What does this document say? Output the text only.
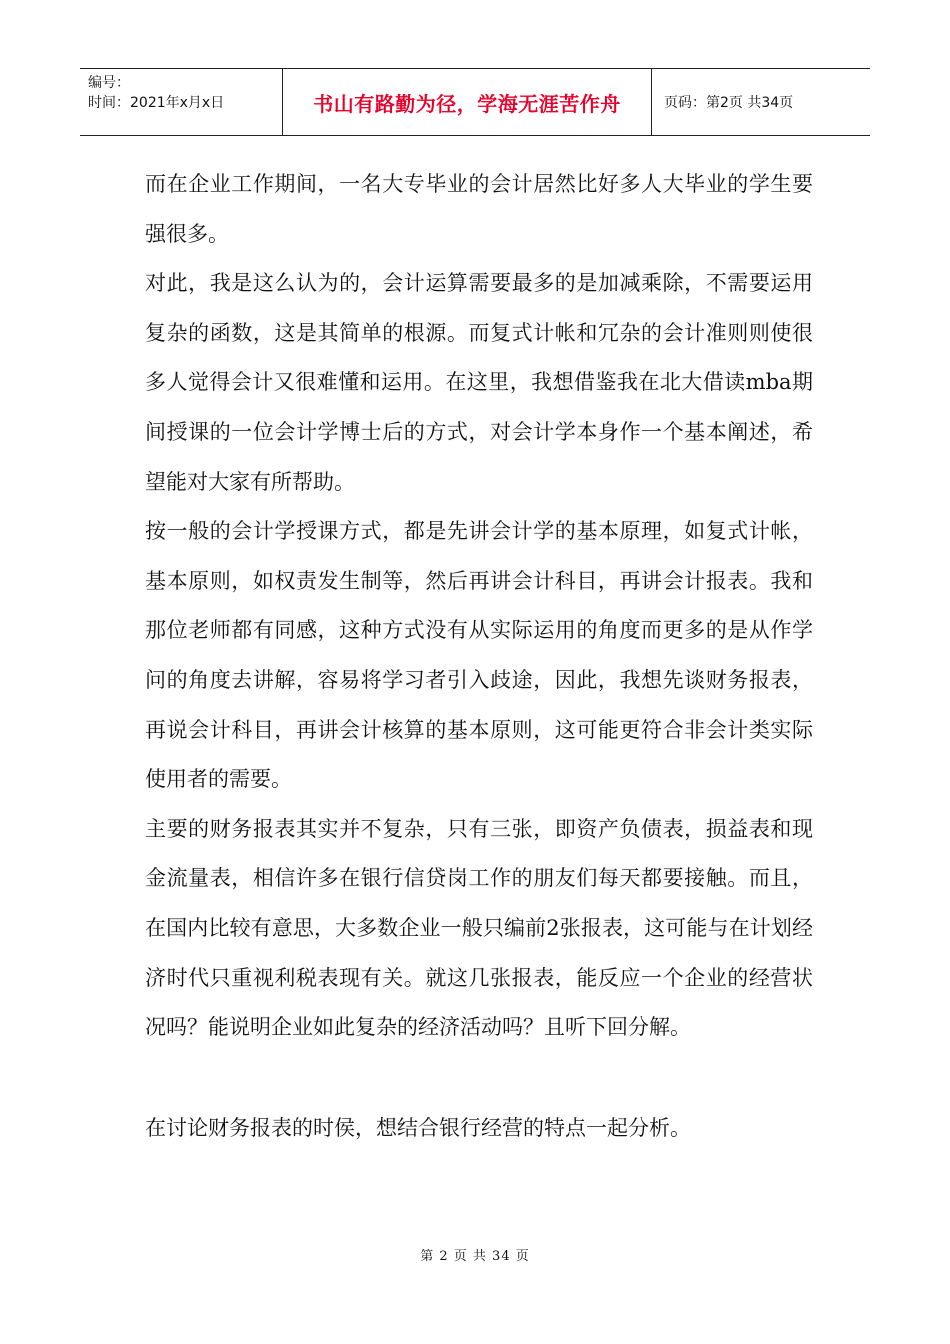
编号：
时间：2021年x月x日	书山有路勤为径，学海无涯苦作舟	页码：第2页 共34页

而在企业工作期间，一名大专毕业的会计居然比好多人大毕业的学生要强很多。

对此，我是这么认为的，会计运算需要最多的是加减乘除，不需要运用复杂的函数，这是其简单的根源。而复式计帐和冗杂的会计准则则使很多人觉得会计又很难懂和运用。在这里，我想借鉴我在北大借读mba期间授课的一位会计学博士后的方式，对会计学本身作一个基本阐述，希望能对大家有所帮助。

按一般的会计学授课方式，都是先讲会计学的基本原理，如复式计帐，基本原则，如权责发生制等，然后再讲会计科目，再讲会计报表。我和那位老师都有同感，这种方式没有从实际运用的角度而更多的是从作学问的角度去讲解，容易将学习者引入歧途，因此，我想先谈财务报表，再说会计科目，再讲会计核算的基本原则，这可能更符合非会计类实际使用者的需要。

主要的财务报表其实并不复杂，只有三张，即资产负债表，损益表和现金流量表，相信许多在银行信贷岗工作的朋友们每天都要接触。而且，在国内比较有意思，大多数企业一般只编前2张报表，这可能与在计划经济时代只重视利税表现有关。就这几张报表，能反应一个企业的经营状况吗？能说明企业如此复杂的经济活动吗？且听下回分解。

在讨论财务报表的时侯，想结合银行经营的特点一起分析。

第 2 页 共 34 页
